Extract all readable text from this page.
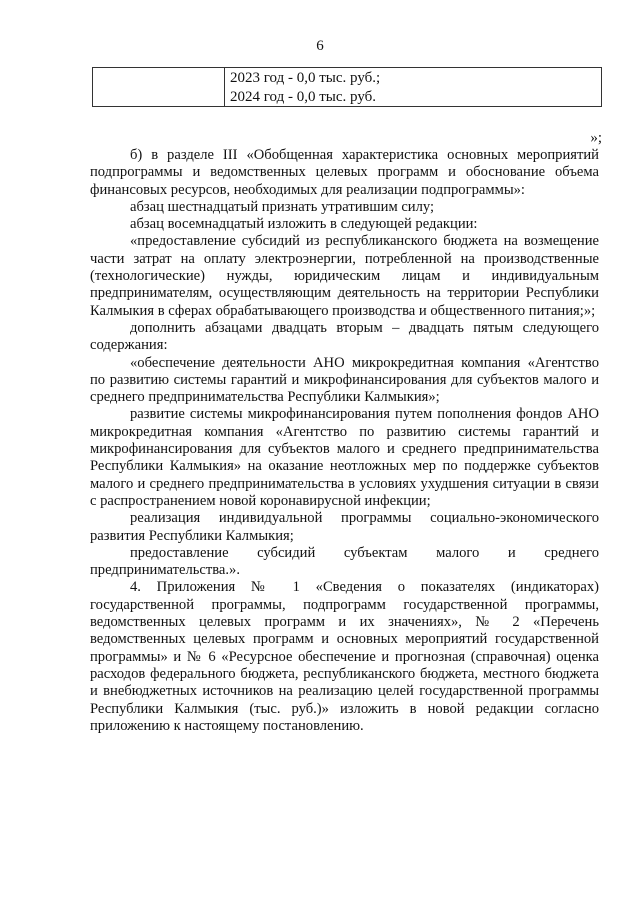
6
2023 год - 0,0 тыс. руб.;
2024 год - 0,0 тыс. руб.
»;

б) в разделе III «Обобщенная характеристика основных мероприятий подпрограммы и ведомственных целевых программ и обоснование объема финансовых ресурсов, необходимых для реализации подпрограммы»:

абзац шестнадцатый признать утратившим силу;

абзац восемнадцатый изложить в следующей редакции:

«предоставление субсидий из республиканского бюджета на возмещение части затрат на оплату электроэнергии, потребленной на производственные (технологические) нужды, юридическим лицам и индивидуальным предпринимателям, осуществляющим деятельность на территории Республики Калмыкия в сферах обрабатывающего производства и общественного питания;»;

дополнить абзацами двадцать вторым – двадцать пятым следующего содержания:

«обеспечение деятельности АНО микрокредитная компания «Агентство по развитию системы гарантий и микрофинансирования для субъектов малого и среднего предпринимательства Республики Калмыкия»;

развитие системы микрофинансирования путем пополнения фондов АНО микрокредитная компания «Агентство по развитию системы гарантий и микрофинансирования для субъектов малого и среднего предпринимательства Республики Калмыкия» на оказание неотложных мер по поддержке субъектов малого и среднего предпринимательства в условиях ухудшения ситуации в связи с распространением новой коронавирусной инфекции;

реализация индивидуальной программы социально-экономического развития Республики Калмыкия;

предоставление субсидий субъектам малого и среднего предпринимательства.».

4. Приложения № 1 «Сведения о показателях (индикаторах) государственной программы, подпрограмм государственной программы, ведомственных целевых программ и их значениях», № 2 «Перечень ведомственных целевых программ и основных мероприятий государственной программы» и № 6 «Ресурсное обеспечение и прогнозная (справочная) оценка расходов федерального бюджета, республиканского бюджета, местного бюджета и внебюджетных источников на реализацию целей государственной программы Республики Калмыкия (тыс. руб.)» изложить в новой редакции согласно приложению к настоящему постановлению.
